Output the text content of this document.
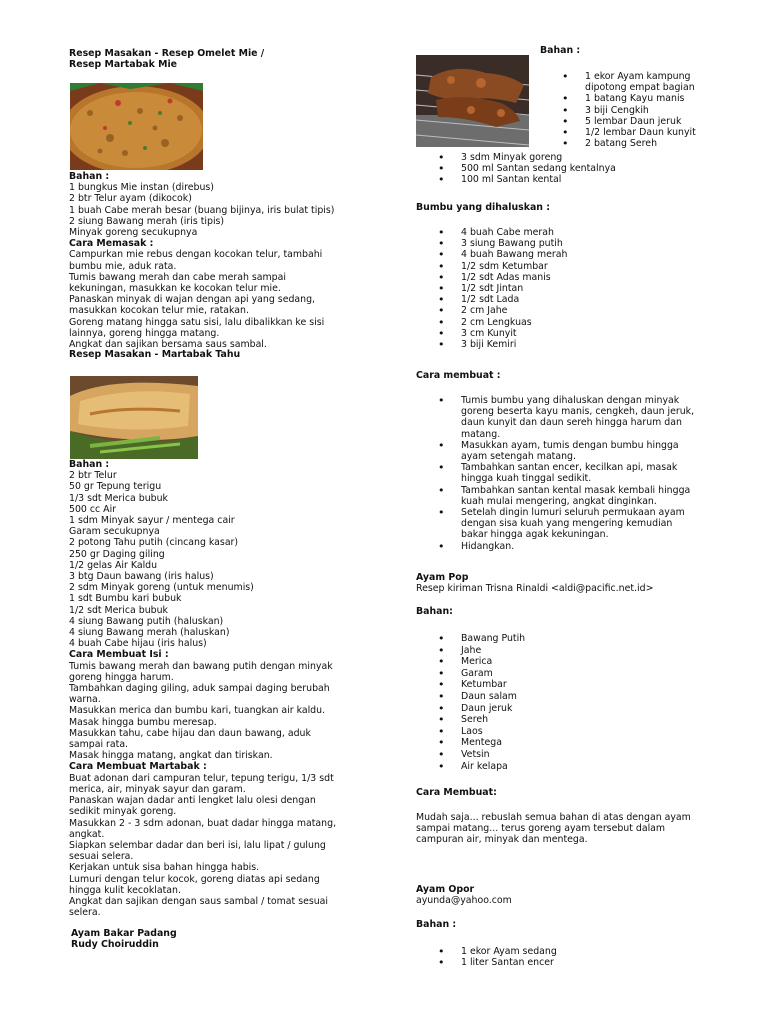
Resep Masakan - Resep Omelet Mie /

Resep Martabak Mie

Bahan :

1 bungkus Mie instan (direbus)

2 btr Telur ayam (dikocok)

1 buah Cabe merah besar (buang bijinya, iris bulat tipis)

2 siung Bawang merah (iris tipis)

Minyak goreng secukupnya

Cara Memasak :

Campurkan mie rebus dengan kocokan telur, tambahi

bumbu mie, aduk rata.

Tumis bawang merah dan cabe merah sampai

kekuningan, masukkan ke kocokan telur mie.

Panaskan minyak di wajan dengan api yang sedang,

masukkan kocokan telur mie, ratakan.

Goreng matang hingga satu sisi, lalu dibalikkan ke sisi

lainnya, goreng hingga matang.

Angkat dan sajikan bersama saus sambal.

Resep Masakan - Martabak Tahu

Bahan :

2 btr Telur

50 gr Tepung terigu

1/3 sdt Merica bubuk

500 cc Air

1 sdm Minyak sayur / mentega cair

Garam secukupnya

2 potong Tahu putih (cincang kasar)

250 gr Daging giling

1/2 gelas Air Kaldu

3 btg Daun bawang (iris halus)

2 sdm Minyak goreng (untuk menumis)

1 sdt Bumbu kari bubuk

1/2 sdt Merica bubuk

4 siung Bawang putih (haluskan)

4 siung Bawang merah (haluskan)

4 buah Cabe hijau (iris halus)

Cara Membuat Isi :

Tumis bawang merah dan bawang putih dengan minyak

goreng hingga harum.

Tambahkan daging giling, aduk sampai daging berubah

warna.

Masukkan merica dan bumbu kari, tuangkan air kaldu.

Masak hingga bumbu meresap.

Masukkan tahu, cabe hijau dan daun bawang, aduk

sampai rata.

Masak hingga matang, angkat dan tiriskan.

Cara Membuat Martabak :

Buat adonan dari campuran telur, tepung terigu, 1/3 sdt

merica, air, minyak sayur dan garam.

Panaskan wajan dadar anti lengket lalu olesi dengan

sedikit minyak goreng.

Masukkan 2 - 3 sdm adonan, buat dadar hingga matang,

angkat.

Siapkan selembar dadar dan beri isi, lalu lipat / gulung

sesuai selera.

Kerjakan untuk sisa bahan hingga habis.

Lumuri dengan telur kocok, goreng diatas api sedang

hingga kulit kecoklatan.

Angkat dan sajikan dengan saus sambal / tomat sesuai

selera.

Ayam Bakar Padang

Rudy Choiruddin

Bahan :

• 1 ekor Ayam kampung
dipotong empat bagian
• 1 batang Kayu manis
• 3 biji Cengkih
• 5 lembar Daun jeruk
• 1/2 lembar Daun kunyit
• 2 batang Sereh
• 3 sdm Minyak goreng
• 500 ml Santan sedang kentalnya
• 100 ml Santan kental

Bumbu yang dihaluskan :

• 4 buah Cabe merah
• 3 siung Bawang putih
• 4 buah Bawang merah
• 1/2 sdm Ketumbar
• 1/2 sdt Adas manis
• 1/2 sdt Jintan
• 1/2 sdt Lada
• 2 cm Jahe
• 2 cm Lengkuas
• 3 cm Kunyit
• 3 biji Kemiri

Cara membuat :

• Tumis bumbu yang dihaluskan dengan minyak
goreng beserta kayu manis, cengkeh, daun jeruk,
daun kunyit dan daun sereh hingga harum dan
matang.
• Masukkan ayam, tumis dengan bumbu hingga
ayam setengah matang.
• Tambahkan santan encer, kecilkan api, masak
hingga kuah tinggal sedikit.
• Tambahkan santan kental masak kembali hingga
kuah mulai mengering, angkat dinginkan.
• Setelah dingin lumuri seluruh permukaan ayam
dengan sisa kuah yang mengering kemudian
bakar hingga agak kekuningan.
• Hidangkan.

Ayam Pop

Resep kiriman Trisna Rinaldi <aldi@pacific.net.id>

Bahan:

• Bawang Putih
• Jahe
• Merica
• Garam
• Ketumbar
• Daun salam
• Daun jeruk
• Sereh
• Laos
• Mentega
• Vetsin
• Air kelapa

Cara Membuat:

Mudah saja... rebuslah semua bahan di atas dengan ayam

sampai matang... terus goreng ayam tersebut dalam

campuran air, minyak dan mentega.

Ayam Opor

ayunda@yahoo.com

Bahan :

• 1 ekor Ayam sedang
• 1 liter Santan encer
